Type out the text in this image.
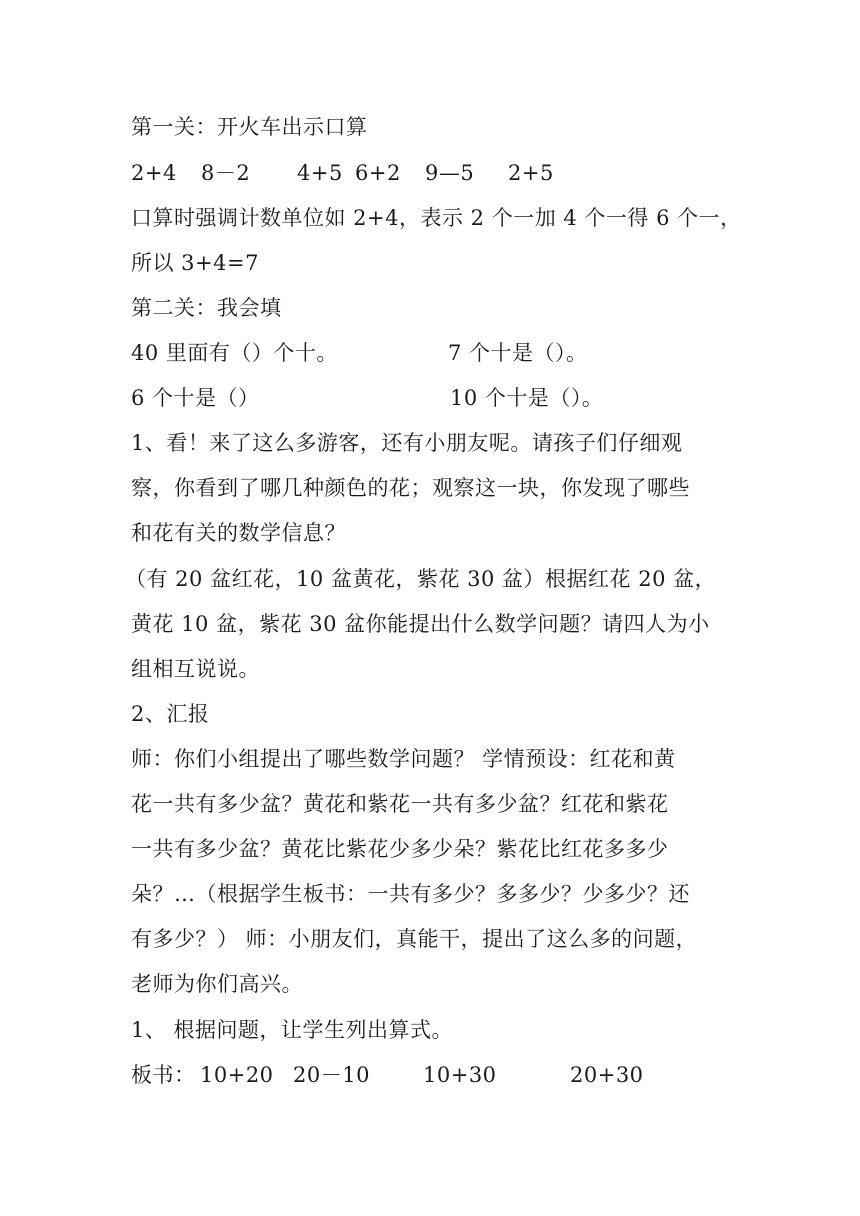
第一关：开火车出示口算
2+4 8－2 4+5 6+2 9—5 2+5
口算时强调计数单位如 2+4，表示 2 个一加 4 个一得 6 个一，
所以 3+4=7
第二关：我会填
40 里面有（）个十。	7 个十是（）。
6 个十是（）	10 个十是（）。
1、看！来了这么多游客，还有小朋友呢。请孩子们仔细观
察，你看到了哪几种颜色的花；观察这一块，你发现了哪些
和花有关的数学信息？
（有 20 盆红花，10 盆黄花，紫花 30 盆）根据红花 20 盆，
黄花 10 盆，紫花 30 盆你能提出什么数学问题？请四人为小
组相互说说。
2、汇报
师：你们小组提出了哪些数学问题？ 学情预设：红花和黄
花一共有多少盆？黄花和紫花一共有多少盆？红花和紫花
一共有多少盆？黄花比紫花少多少朵？紫花比红花多多少
朵？…（根据学生板书：一共有多少？多多少？少多少？还
有多少？） 师：小朋友们，真能干，提出了这么多的问题，
老师为你们高兴。
1、 根据问题，让学生列出算式。
板书： 10+20 20－10	10+30	20+30
